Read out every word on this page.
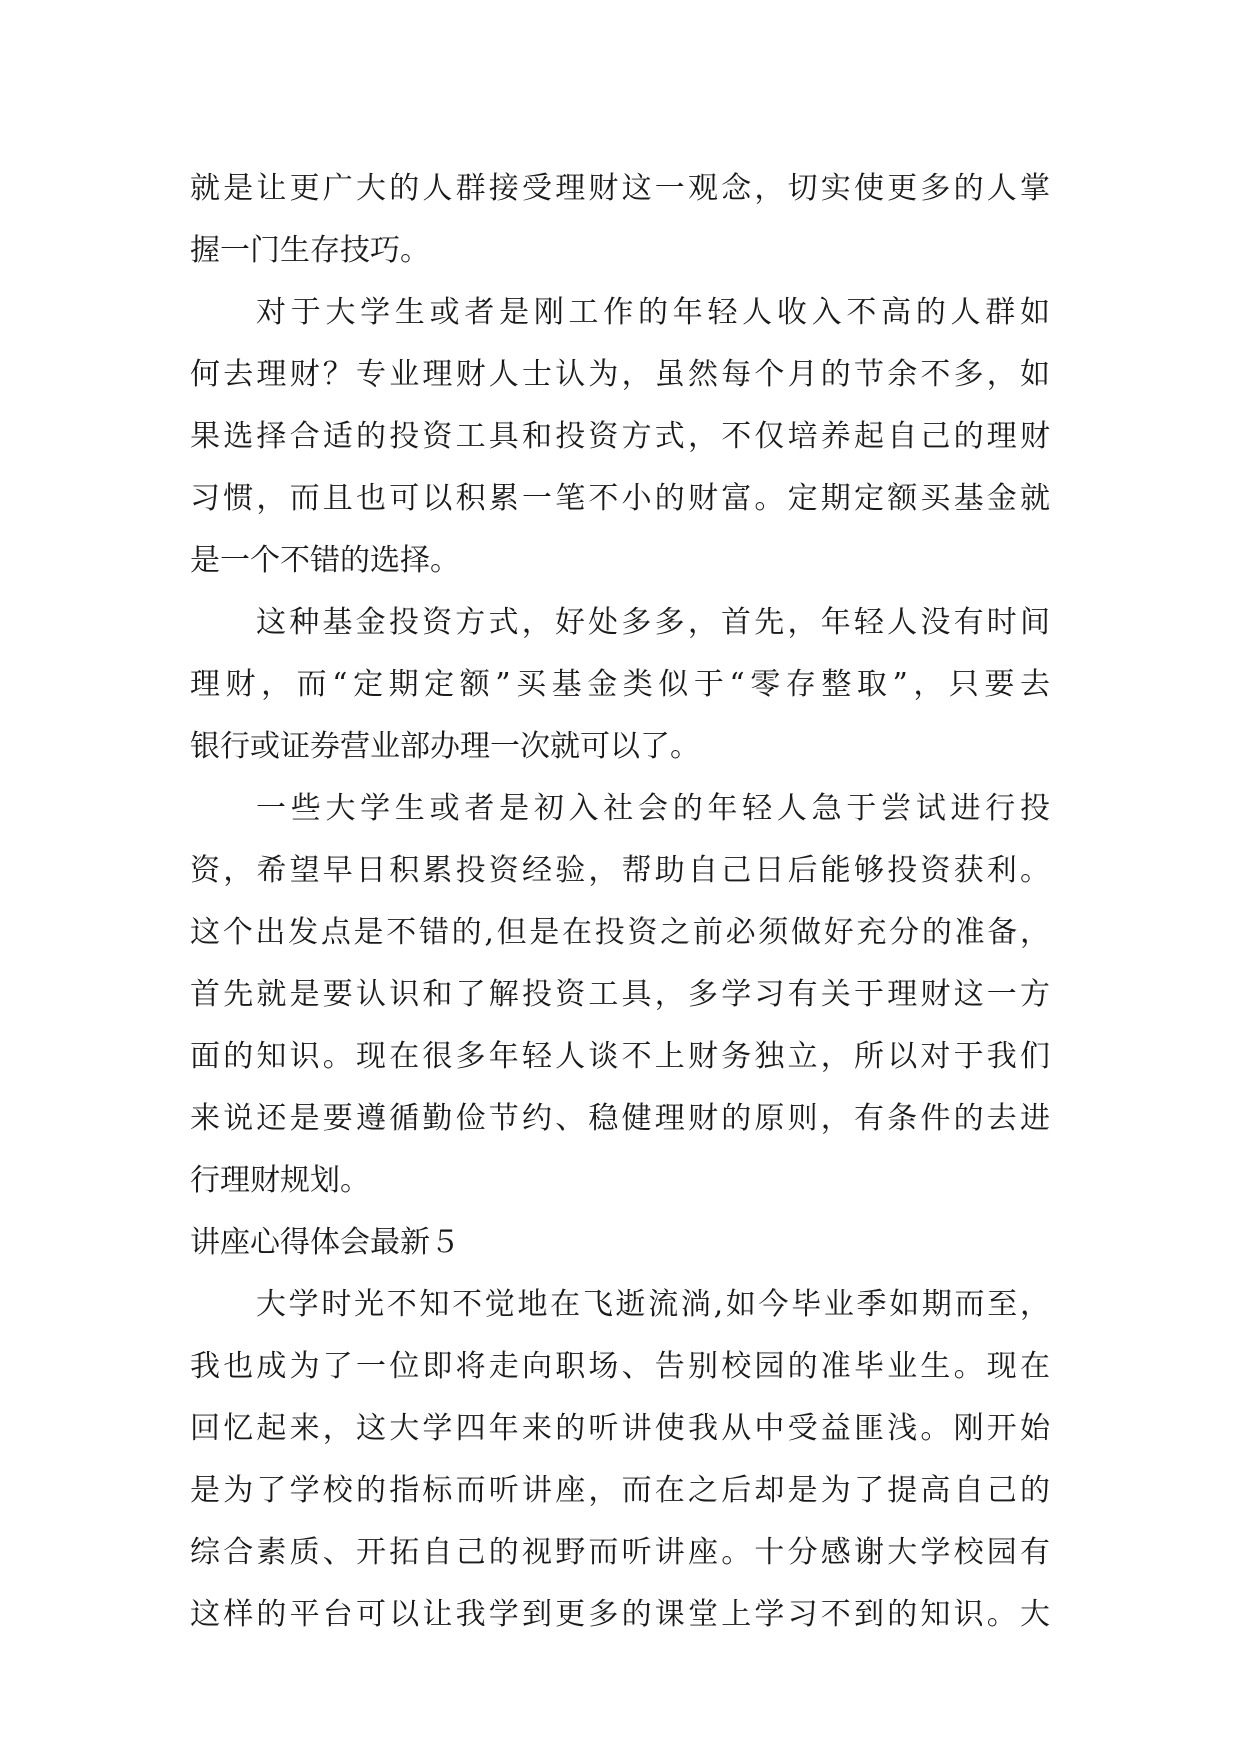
就是让更广大的人群接受理财这一观念，切实使更多的人掌
握一门生存技巧。
对于大学生或者是刚工作的年轻人收入不高的人群如
何去理财？专业理财人士认为，虽然每个月的节余不多，如
果选择合适的投资工具和投资方式，不仅培养起自己的理财
习惯，而且也可以积累一笔不小的财富。定期定额买基金就
是一个不错的选择。
这种基金投资方式，好处多多，首先，年轻人没有时间
理财，而“定期定额”买基金类似于“零存整取”，只要去
银行或证券营业部办理一次就可以了。
一些大学生或者是初入社会的年轻人急于尝试进行投
资，希望早日积累投资经验，帮助自己日后能够投资获利。
这个出发点是不错的,但是在投资之前必须做好充分的准备，
首先就是要认识和了解投资工具，多学习有关于理财这一方
面的知识。现在很多年轻人谈不上财务独立，所以对于我们
来说还是要遵循勤俭节约、稳健理财的原则，有条件的去进
行理财规划。
讲座心得体会最新５
大学时光不知不觉地在飞逝流淌,如今毕业季如期而至，
我也成为了一位即将走向职场、告别校园的准毕业生。现在
回忆起来，这大学四年来的听讲使我从中受益匪浅。刚开始
是为了学校的指标而听讲座，而在之后却是为了提高自己的
综合素质、开拓自己的视野而听讲座。十分感谢大学校园有
这样的平台可以让我学到更多的课堂上学习不到的知识。大
